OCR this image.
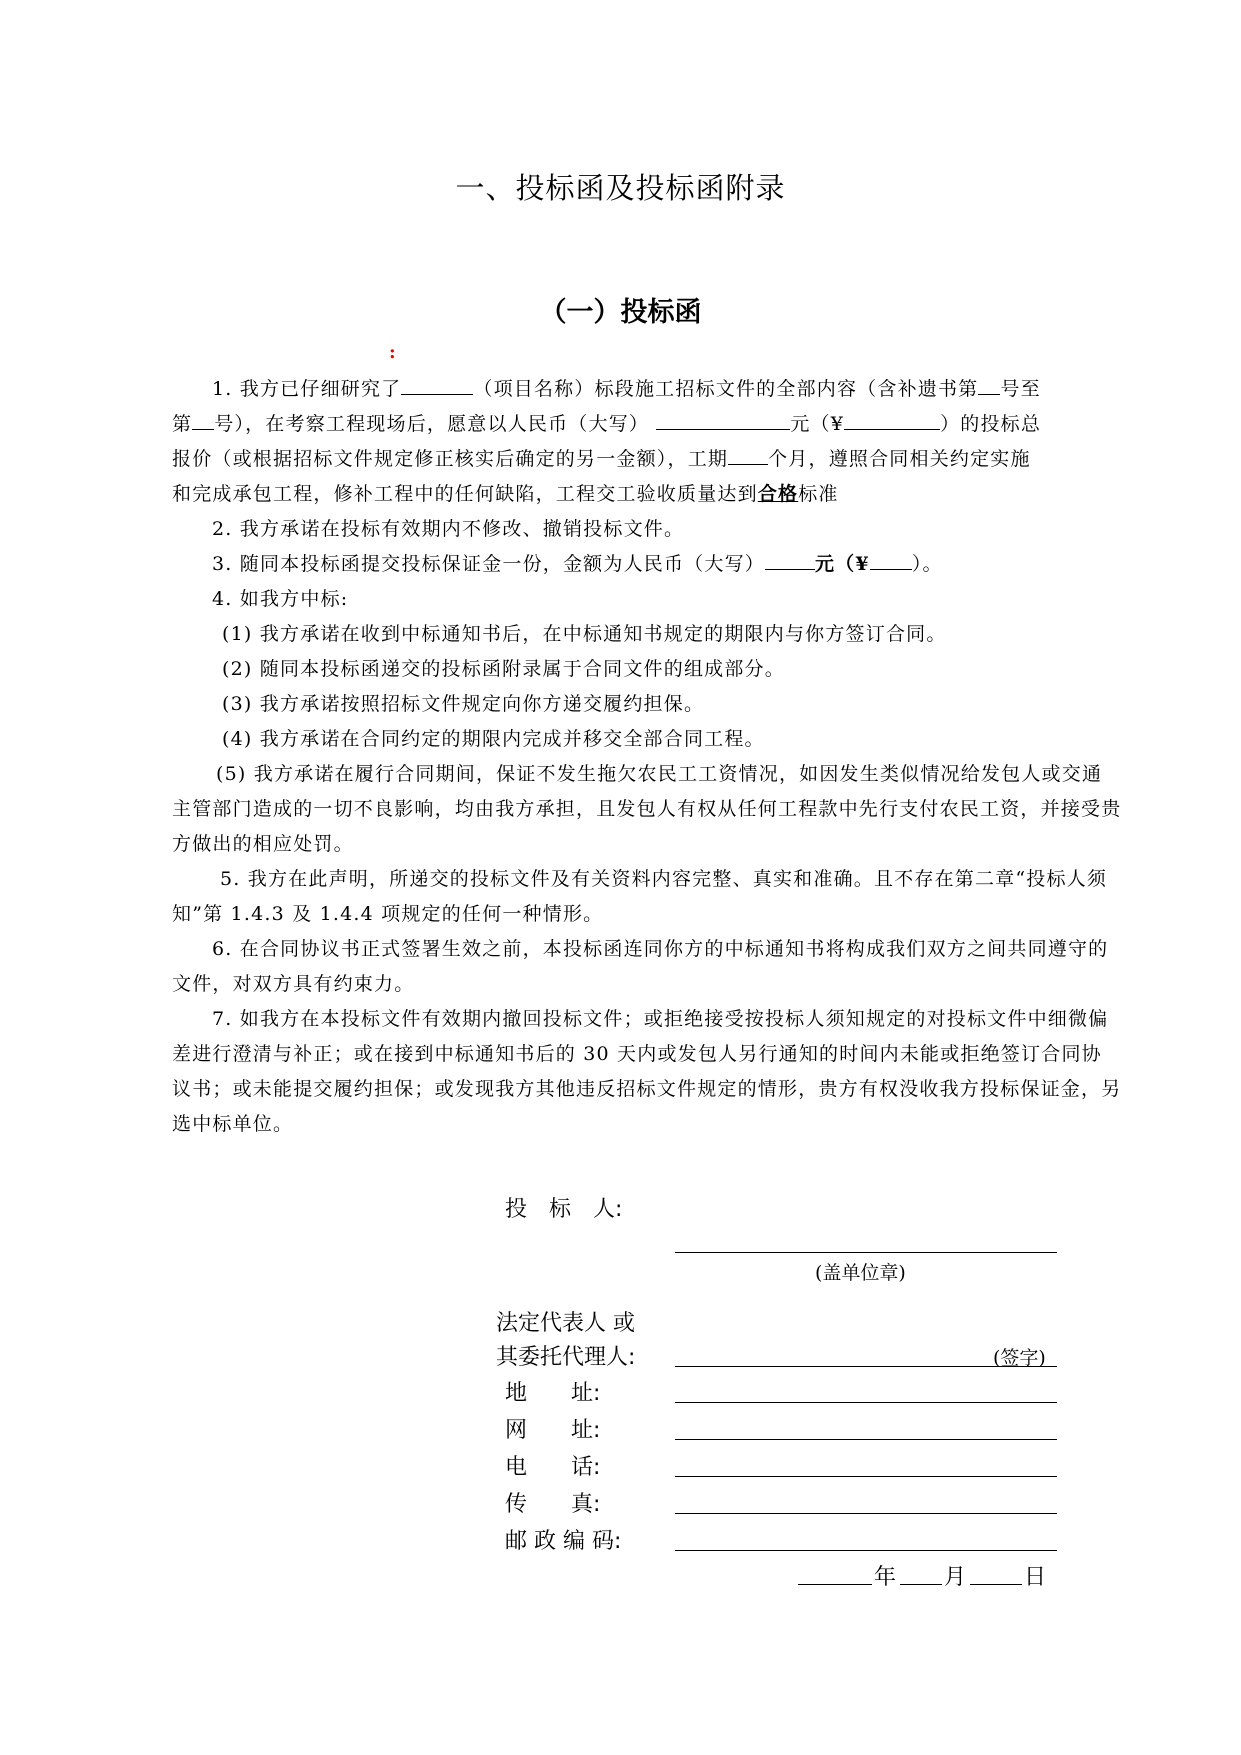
一、投标函及投标函附录
（一）投标函
:

1. 我方已仔细研究了	（项目名称）标段施工招标文件的全部内容（含补遗书第 号至
第 号），在考察工程现场后，愿意以人民币（大写）	元（¥	）的投标总
报价（或根据招标文件规定修正核实后确定的另一金额），工期 个月，遵照合同相关约定实施
和完成承包工程，修补工程中的任何缺陷，工程交工验收质量达到合格标准

2. 我方承诺在投标有效期内不修改、撤销投标文件。

3. 随同本投标函提交投标保证金一份，金额为人民币（大写）	元（¥ ）。

4. 如我方中标:

(1) 我方承诺在收到中标通知书后，在中标通知书规定的期限内与你方签订合同。

(2) 随同本投标函递交的投标函附录属于合同文件的组成部分。

(3) 我方承诺按照招标文件规定向你方递交履约担保。

(4) 我方承诺在合同约定的期限内完成并移交全部合同工程。

(5) 我方承诺在履行合同期间，保证不发生拖欠农民工工资情况，如因发生类似情况给发包人或交通主管部门造成的一切不良影响，均由我方承担，且发包人有权从任何工程款中先行支付农民工资，并接受贵方做出的相应处罚。

5. 我方在此声明，所递交的投标文件及有关资料内容完整、真实和准确。且不存在第二章“投标人须知”第 1.4.3 及 1.4.4 项规定的任何一种情形。

6. 在合同协议书正式签署生效之前，本投标函连同你方的中标通知书将构成我们双方之间共同遵守的文件，对双方具有约束力。

7. 如我方在本投标文件有效期内撤回投标文件；或拒绝接受按投标人须知规定的对投标文件中细微偏差进行澄清与补正；或在接到中标通知书后的 30 天内或发包人另行通知的时间内未能或拒绝签订合同协议书；或未能提交履约担保；或发现我方其他违反招标文件规定的情形，贵方有权没收我方投标保证金，另选中标单位。

投　标　人:
(盖单位章)
法定代表人 或
其委托代理人:	(签字)
地　　址:
网　　址:
电　　话:
传　　真:
邮 政 编 码:
年 月	日
